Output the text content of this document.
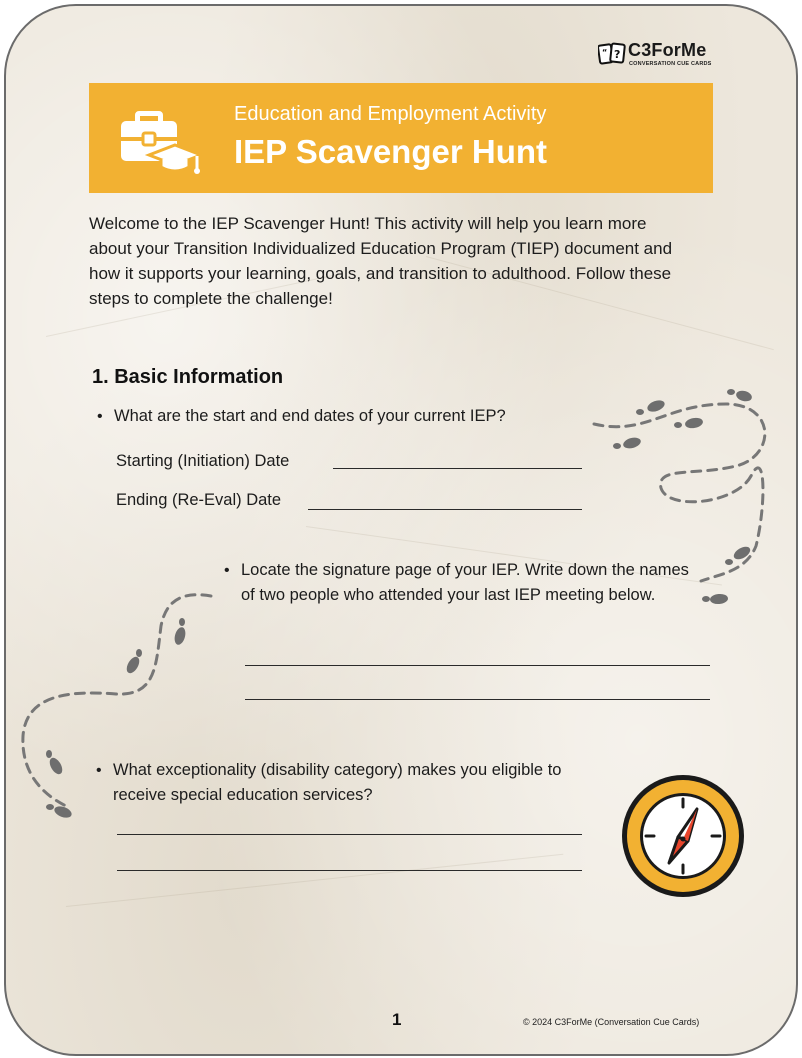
“ ? C3ForMe
CONVERSATION CUE CARDS
Education and Employment Activity
IEP Scavenger Hunt
Welcome to the IEP Scavenger Hunt! This activity will help you learn more about your Transition Individualized Education Program (TIEP) document and how it supports your learning, goals, and transition to adulthood. Follow these steps to complete the challenge!
1. Basic Information
• What are the start and end dates of your current IEP?
Starting (Initiation) Date
Ending (Re-Eval) Date
• Locate the signature page of your IEP. Write down the names of two people who attended your last IEP meeting below.
• What exceptionality (disability category) makes you eligible to receive special education services?
1	© 2024 C3ForMe (Conversation Cue Cards)
